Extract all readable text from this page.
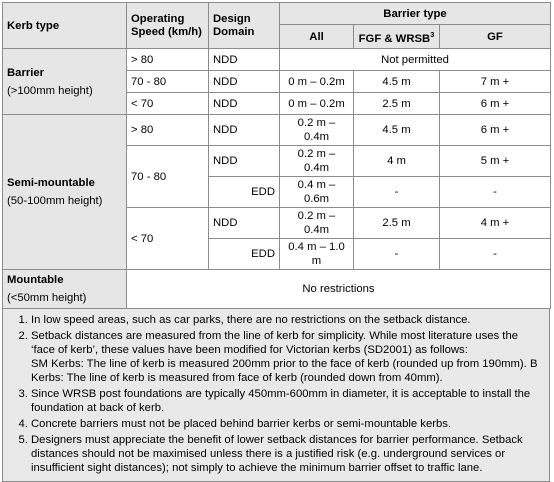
Kerb type	Operating Speed (km/h)	Design Domain	Barrier type		
			All	FGF & WRSB$^3$	GF

Barrier
(>100mm height)	> 80	NDD	Not permitted		
	70 - 80	NDD	0 m – 0.2m	4.5 m	7 m +
	< 70	NDD	0 m – 0.2m	2.5 m	6 m +

Semi-mountable
(50-100mm height)	> 80	NDD	0.2 m – 0.4m	4.5 m	6 m +
	70 - 80	NDD	0.2 m – 0.4m	4 m	5 m +
		EDD	0.4 m – 0.6m	-	-
	< 70	NDD	0.2 m – 0.4m	2.5 m	4 m +
		EDD	0.4 m – 1.0 m	-	-

Mountable
(<50mm height)	No restrictions				
1. In low speed areas, such as car parks, there are no restrictions on the setback distance.
2. Setback distances are measured from the line of kerb for simplicity. While most literature uses the ‘face of kerb’, these values have been modified for Victorian kerbs (SD2001) as follows:
SM Kerbs: The line of kerb is measured 200mm prior to the face of kerb (rounded up from 190mm). B Kerbs: The line of kerb is measured from face of kerb (rounded down from 40mm).
3. Since WRSB post foundations are typically 450mm-600mm in diameter, it is acceptable to install the foundation at back of kerb.
4. Concrete barriers must not be placed behind barrier kerbs or semi-mountable kerbs.
5. Designers must appreciate the benefit of lower setback distances for barrier performance. Setback distances should not be maximised unless there is a justified risk (e.g. underground services or insufficient sight distances); not simply to achieve the minimum barrier offset to traffic lane.
